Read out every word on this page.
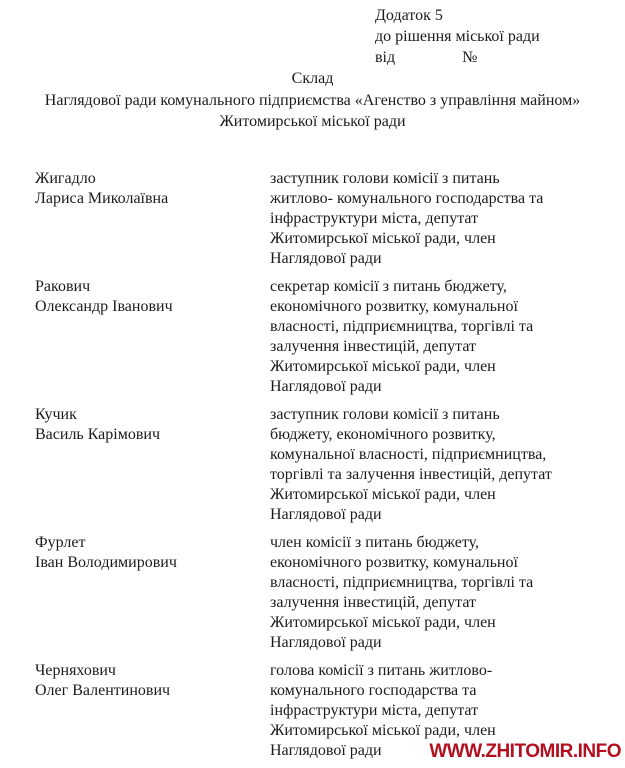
Додаток 5
до рішення міської ради
від	№
Склад
Наглядової ради комунального підприємства «Агенство з управління майном»
Житомирської міської ради
Жигадло
Лариса Миколаївна
заступник голови комісії з питань
житлово- комунального господарства та
інфраструктури міста, депутат
Житомирської міської ради, член
Наглядової ради
Ракович
Олександр Іванович
секретар комісії з питань бюджету,
економічного розвитку, комунальної
власності, підприємництва, торгівлі та
залучення інвестицій, депутат
Житомирської міської ради, член
Наглядової ради
Кучик
Василь Карімович
заступник голови комісії з питань
бюджету, економічного розвитку,
комунальної власності, підприємництва,
торгівлі та залучення інвестицій, депутат
Житомирської міської ради, член
Наглядової ради
Фурлет
Іван Володимирович
член комісії з питань бюджету,
економічного розвитку, комунальної
власності, підприємництва, торгівлі та
залучення інвестицій, депутат
Житомирської міської ради, член
Наглядової ради
Черняхович
Олег Валентинович
голова комісії з питань житлово-
комунального господарства та
інфраструктури міста, депутат
Житомирської міської ради, член
Наглядової ради	WWW.ZHITOMIR.INFO
